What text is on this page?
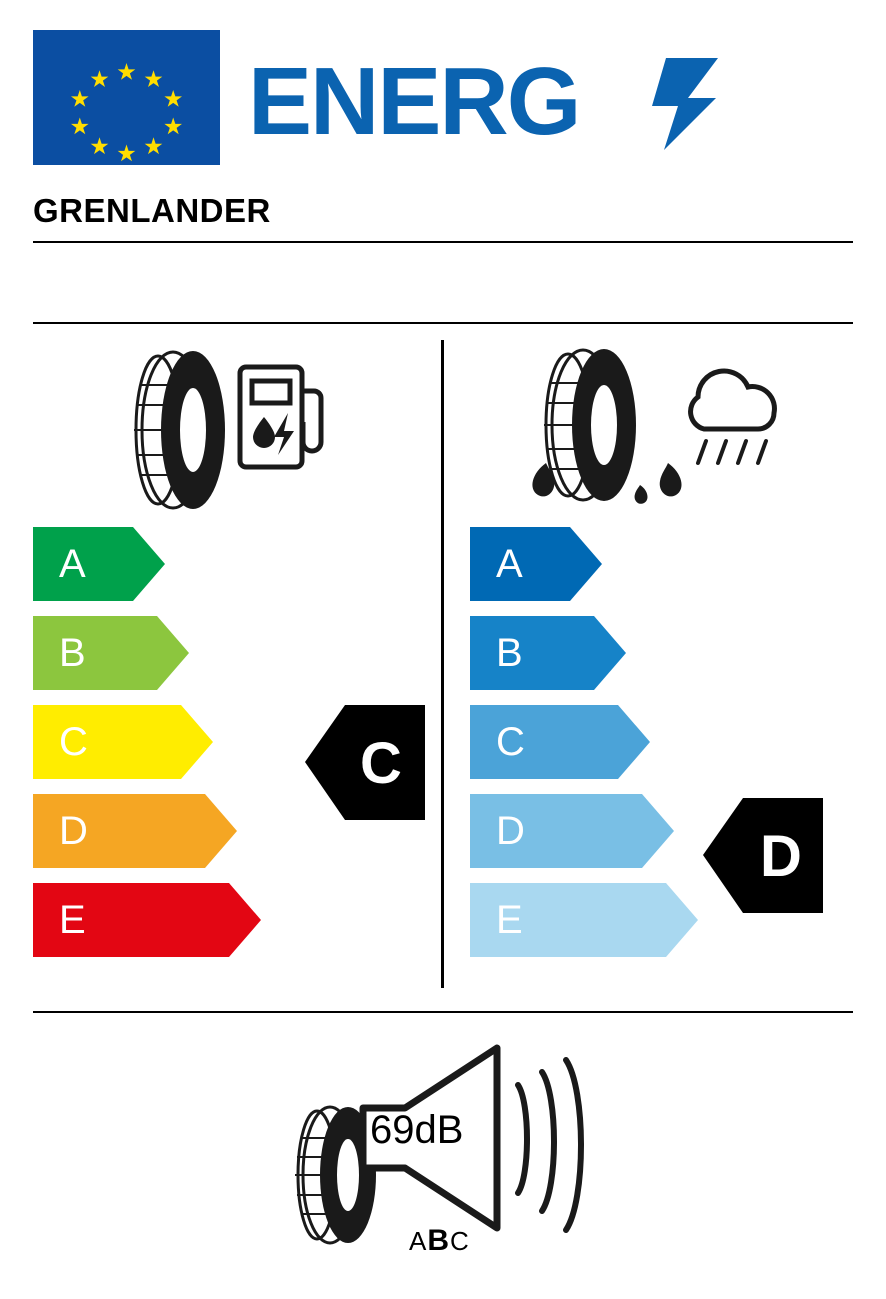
ENERG
GRENLANDER
A
B
C
D
E
A
B
C
D
E
C
D
69dB
ABC
